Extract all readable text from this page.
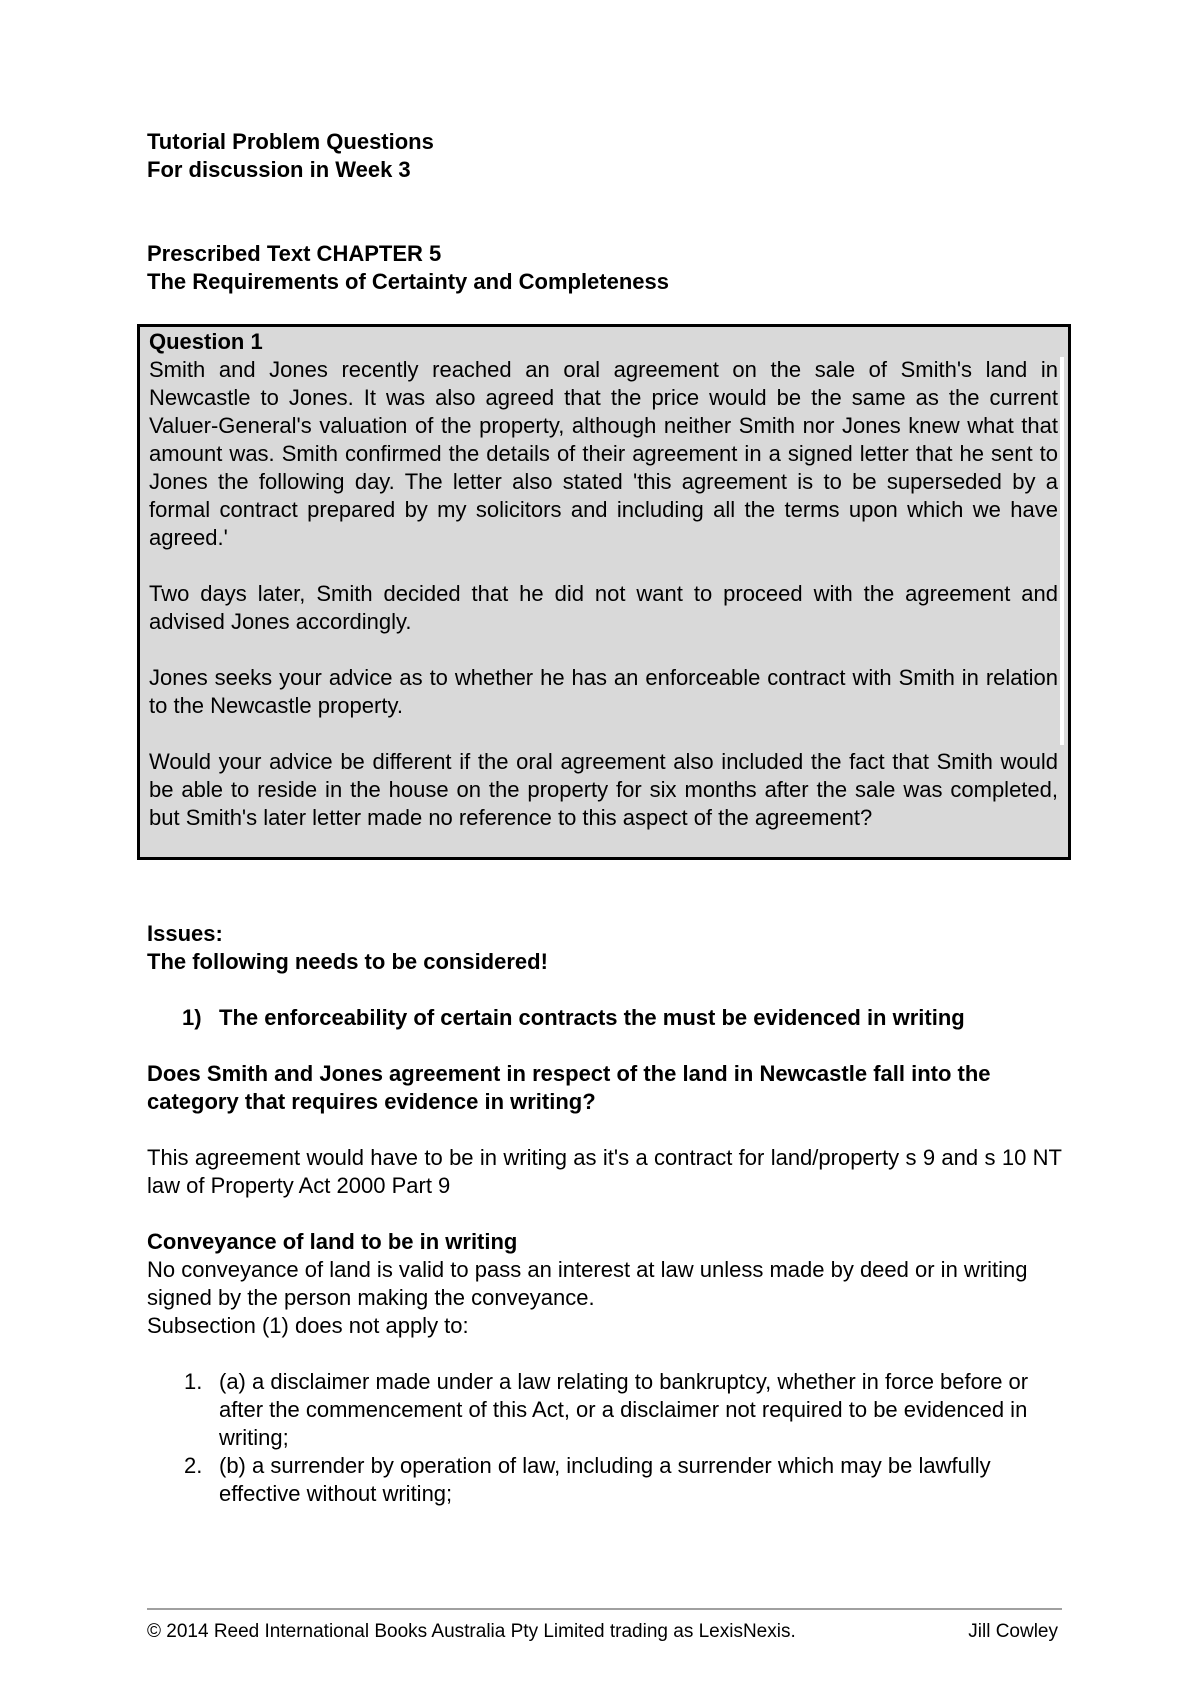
Tutorial Problem Questions

For discussion in Week 3

Prescribed Text CHAPTER 5

The Requirements of Certainty and Completeness

Question 1

Smith and Jones recently reached an oral agreement on the sale of Smith's land in Newcastle to Jones. It was also agreed that the price would be the same as the current Valuer-General's valuation of the property, although neither Smith nor Jones knew what that amount was. Smith confirmed the details of their agreement in a signed letter that he sent to Jones the following day. The letter also stated 'this agreement is to be superseded by a formal contract prepared by my solicitors and including all the terms upon which we have agreed.'

Two days later, Smith decided that he did not want to proceed with the agreement and advised Jones accordingly.

Jones seeks your advice as to whether he has an enforceable contract with Smith in relation to the Newcastle property.

Would your advice be different if the oral agreement also included the fact that Smith would be able to reside in the house on the property for six months after the sale was completed, but Smith's later letter made no reference to this aspect of the agreement?

Issues:

The following needs to be considered!

1) The enforceability of certain contracts the must be evidenced in writing

Does Smith and Jones agreement in respect of the land in Newcastle fall into the category that requires evidence in writing?

This agreement would have to be in writing as it's a contract for land/property s 9 and s 10 NT law of Property Act 2000 Part 9

Conveyance of land to be in writing

No conveyance of land is valid to pass an interest at law unless made by deed or in writing signed by the person making the conveyance.

Subsection (1) does not apply to:

1. (a) a disclaimer made under a law relating to bankruptcy, whether in force before or after the commencement of this Act, or a disclaimer not required to be evidenced in writing;
2. (b) a surrender by operation of law, including a surrender which may be lawfully effective without writing;
© 2014 Reed International Books Australia Pty Limited trading as LexisNexis.	Jill Cowley
